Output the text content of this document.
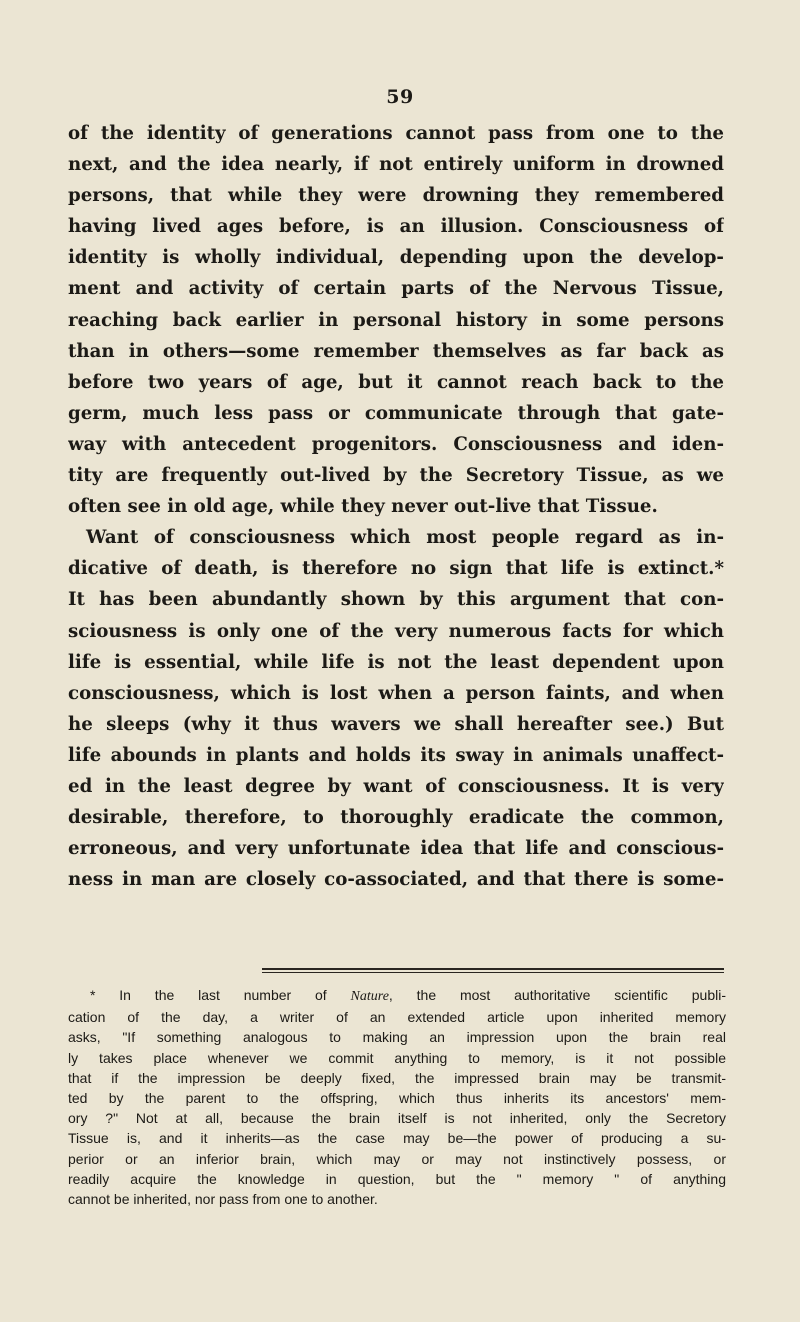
59
of the identity of generations cannot pass from one to the
next, and the idea nearly, if not entirely uniform in drowned
persons, that while they were drowning they remembered
having lived ages before, is an illusion. Consciousness of
identity is wholly individual, depending upon the develop-
ment and activity of certain parts of the Nervous Tissue,
reaching back earlier in personal history in some persons
than in others—some remember themselves as far back as
before two years of age, but it cannot reach back to the
germ, much less pass or communicate through that gate-
way with antecedent progenitors. Consciousness and iden-
tity are frequently out-lived by the Secretory Tissue, as we
often see in old age, while they never out-live that Tissue.
Want of consciousness which most people regard as in-
dicative of death, is therefore no sign that life is extinct.*
It has been abundantly shown by this argument that con-
sciousness is only one of the very numerous facts for which
life is essential, while life is not the least dependent upon
consciousness, which is lost when a person faints, and when
he sleeps (why it thus wavers we shall hereafter see.) But
life abounds in plants and holds its sway in animals unaffect-
ed in the least degree by want of consciousness. It is very
desirable, therefore, to thoroughly eradicate the common,
erroneous, and very unfortunate idea that life and conscious-
ness in man are closely co-associated, and that there is some-
* In the last number of Nature, the most authoritative scientific publi-
cation of the day, a writer of an extended article upon inherited memory
asks, "If something analogous to making an impression upon the brain real
ly takes place whenever we commit anything to memory, is it not possible
that if the impression be deeply fixed, the impressed brain may be transmit-
ted by the parent to the offspring, which thus inherits its ancestors' mem-
ory ?" Not at all, because the brain itself is not inherited, only the Secretory
Tissue is, and it inherits—as the case may be—the power of producing a su-
perior or an inferior brain, which may or may not instinctively possess, or
readily acquire the knowledge in question, but the " memory " of anything
cannot be inherited, nor pass from one to another.
